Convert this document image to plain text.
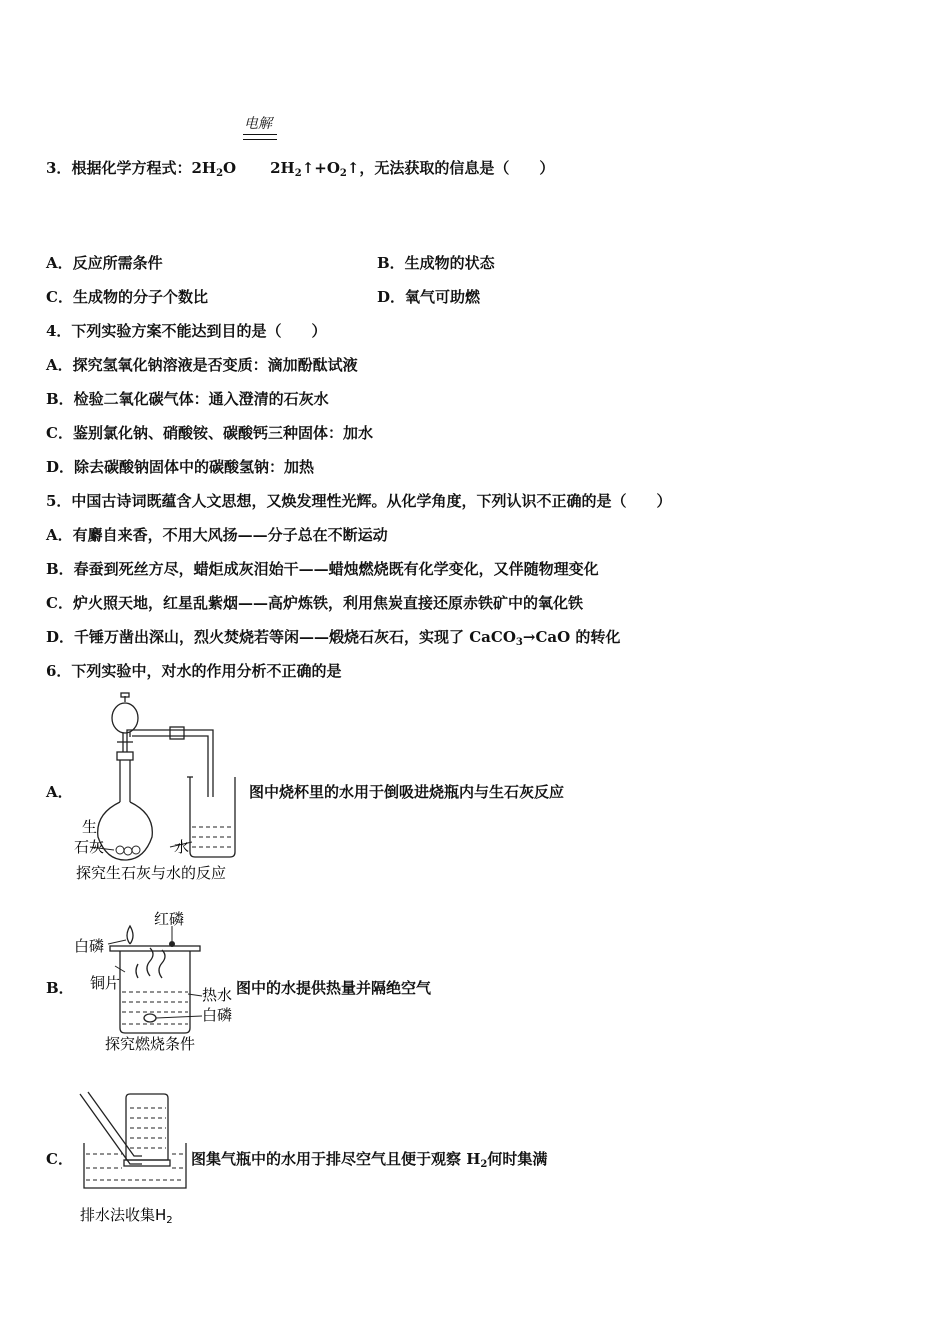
电解
3．根据化学方程式：$2H_2O$ $2H_2↑+O_2↑$，无法获取的信息是（　　）
A．反应所需条件	B．生成物的状态
C．生成物的分子个数比	D．氧气可助燃
4．下列实验方案不能达到目的是（　　）
A．探究氢氧化钠溶液是否变质：滴加酚酞试液
B．检验二氧化碳气体：通入澄清的石灰水
C．鉴别氯化钠、硝酸铵、碳酸钙三种固体：加水
D．除去碳酸钠固体中的碳酸氢钠：加热
5．中国古诗词既蕴含人文思想，又焕发理性光辉。从化学角度，下列认识不正确的是（　　）
A．有麝自来香，不用大风扬——分子总在不断运动
B．春蚕到死丝方尽，蜡炬成灰泪始干——蜡烛燃烧既有化学变化，又伴随物理变化
C．炉火照天地，红星乱紫烟——高炉炼铁，利用焦炭直接还原赤铁矿中的氧化铁
D．千锤万凿出深山，烈火焚烧若等闲——煅烧石灰石，实现了 CaCO$_3$→CaO 的转化
6．下列实验中，对水的作用分析不正确的是
A．
生
石灰	水
探究生石灰与水的反应
图中烧杯里的水用于倒吸进烧瓶内与生石灰反应
B．
红磷
白磷
铜片
热水
白磷
探究燃烧条件
图中的水提供热量并隔绝空气
C．
排水法收集$H_2$
图集气瓶中的水用于排尽空气且便于观察 $H_2$何时集满
